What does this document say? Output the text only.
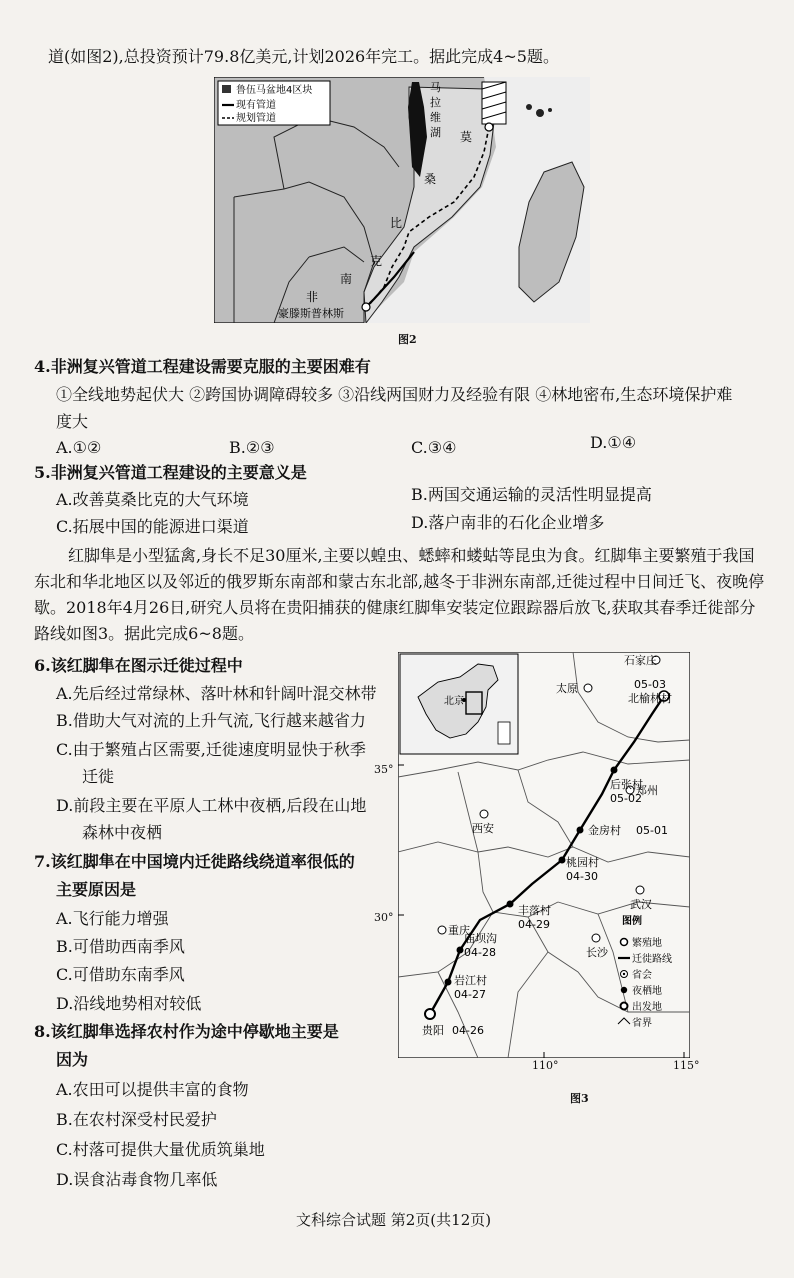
道(如图2),总投资预计79.8亿美元,计划2026年完工。据此完成4~5题。
鲁伍马盆地4区块
现有管道
规划管道
马
拉
维
湖 莫
桑
比
克
南
非
豪滕斯普林斯
图2
4.非洲复兴管道工程建设需要克服的主要困难有
①全线地势起伏大 ②跨国协调障碍较多 ③沿线两国财力及经验有限 ④林地密布,生态环境保护难
度大
A.①②	B.②③	C.③④	D.①④
5.非洲复兴管道工程建设的主要意义是
A.改善莫桑比克的大气环境	B.两国交通运输的灵活性明显提高
C.拓展中国的能源进口渠道	D.落户南非的石化企业增多
红脚隼是小型猛禽,身长不足30厘米,主要以蝗虫、蟋蟀和蝼蛄等昆虫为食。红脚隼主要繁殖于我国
东北和华北地区以及邻近的俄罗斯东南部和蒙古东北部,越冬于非洲东南部,迁徙过程中日间迁飞、夜晚停
歇。2018年4月26日,研究人员将在贵阳捕获的健康红脚隼安装定位跟踪器后放飞,获取其春季迁徙部分
路线如图3。据此完成6~8题。
6.该红脚隼在图示迁徙过程中
A.先后经过常绿林、落叶林和针阔叶混交林带
B.借助大气对流的上升气流,飞行越来越省力
C.由于繁殖占区需要,迁徙速度明显快于秋季
迁徙
D.前段主要在平原人工林中夜栖,后段在山地
森林中夜栖
7.该红脚隼在中国境内迁徙路线绕道率很低的
主要原因是
A.飞行能力增强
B.可借助西南季风
C.可借助东南季风
D.沿线地势相对较低
8.该红脚隼选择农村作为途中停歇地主要是
因为
A.农田可以提供丰富的食物
B.在农村深受村民爱护
C.村落可提供大量优质筑巢地
D.误食沾毒食物几率低
北京
石家庄
太原
郑州
西安
武汉
重庆
长沙
贵阳 04-26
岩江村
04-27
庙坝沟
04-28
丰落村
04-29
桃园村
04-30
金房村 05-01
后张村
05-02
05-03
北榆林村
图例
繁殖地
迁徙路线
省会
夜栖地
出发地
省界
35°
30°
110°	115°
图3
文科综合试题 第2页(共12页)
